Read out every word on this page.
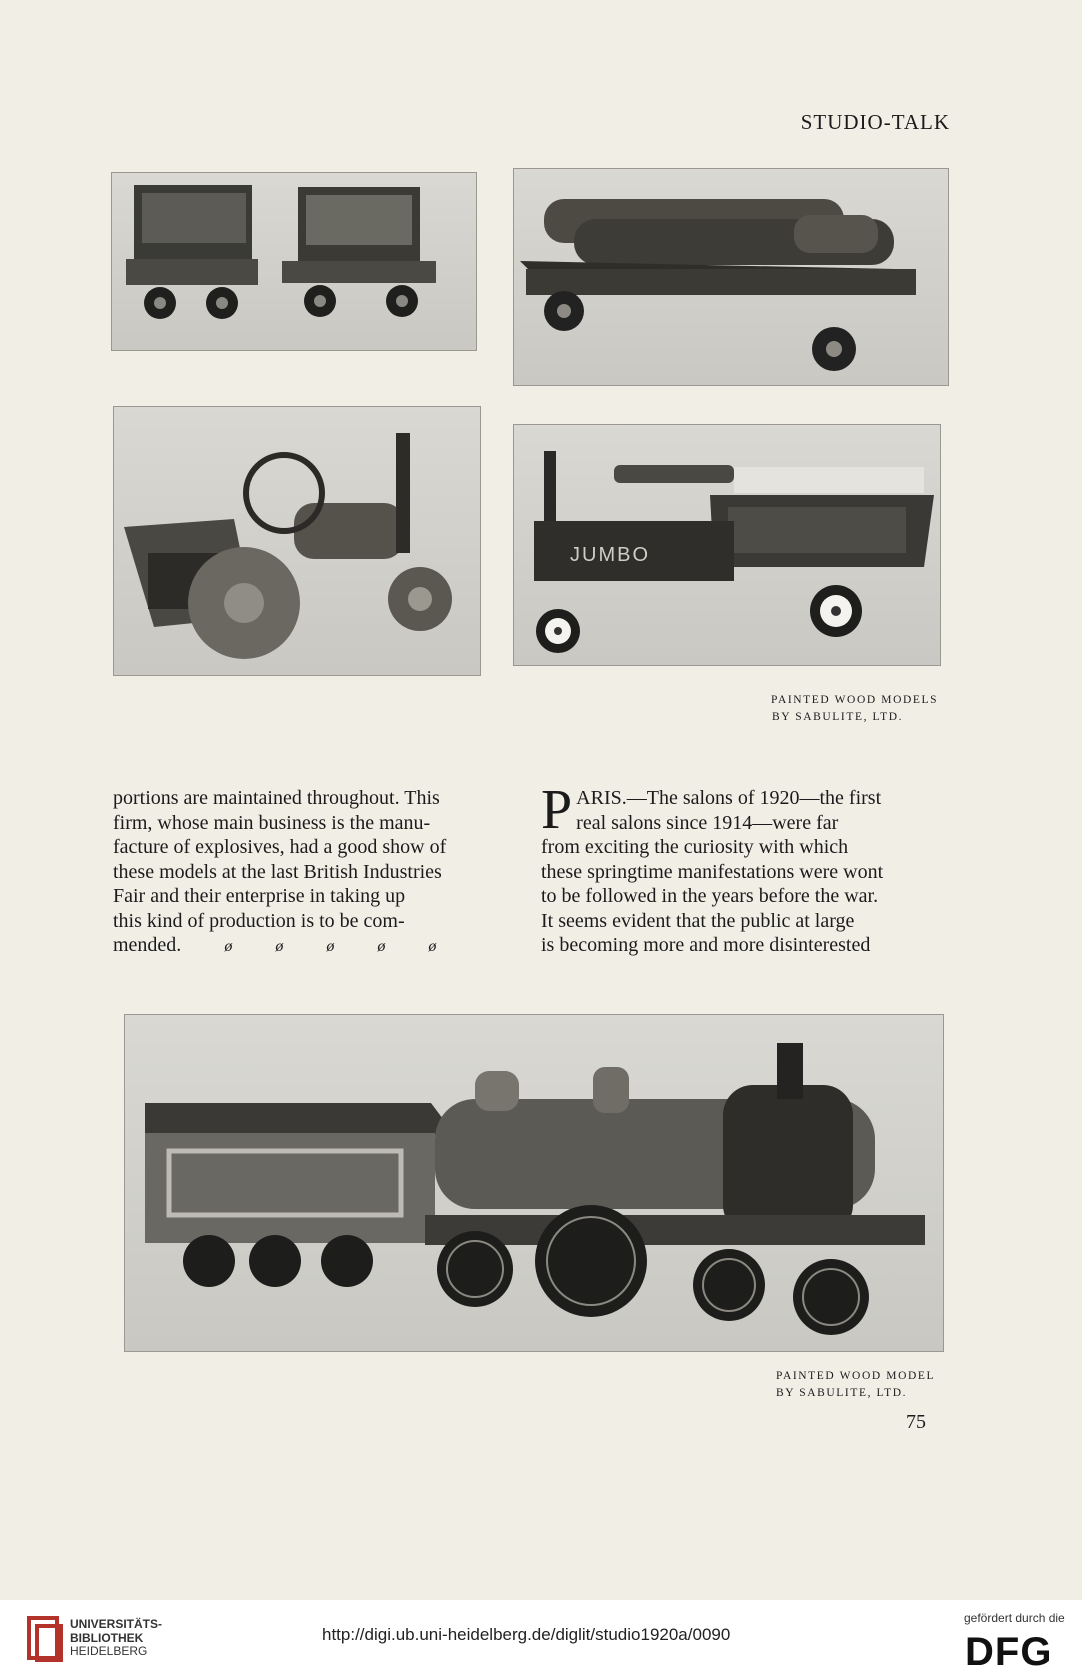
STUDIO-TALK
JUMBO
PAINTED WOOD MODELS
BY SABULITE, LTD.

portions are maintained throughout. This

firm, whose main business is the manu-

facture of explosives, had a good show of

these models at the last British Industries

Fair and their enterprise in taking up

this kind of production is to be com-

mended.	ø	ø	ø	ø	ø

P ARIS.—The salons of 1920—the first

real salons since 1914—were far

from exciting the curiosity with which

these springtime manifestations were wont

to be followed in the years before the war.

It seems evident that the public at large

is becoming more and more disinterested

PAINTED WOOD MODEL
BY SABULITE, LTD.
75
UNIVERSITÄTS-
BIBLIOTHEK
HEIDELBERG
http://digi.ub.uni-heidelberg.de/diglit/studio1920a/0090
gefördert durch die
DFG
